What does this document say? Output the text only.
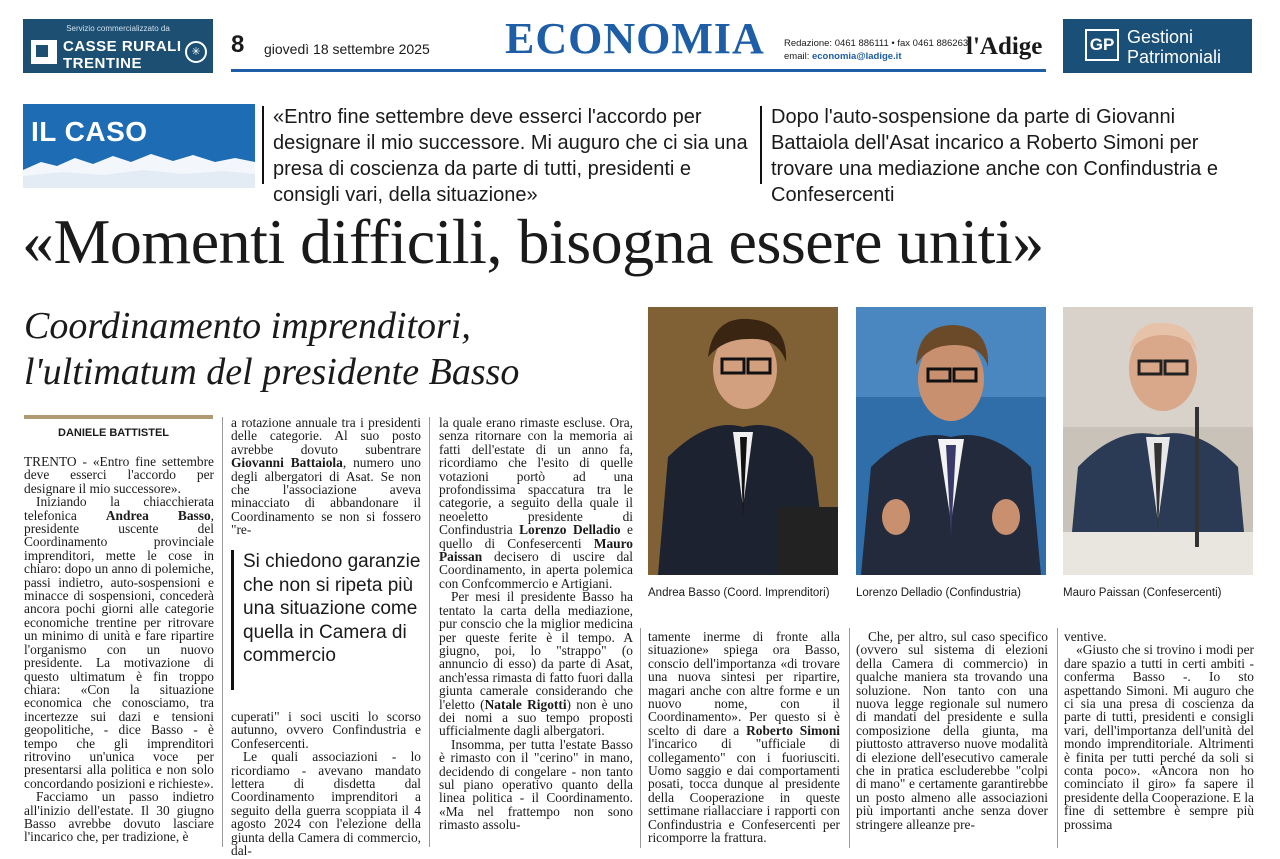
Servizio commercializzato da
CASSE RURALI
TRENTINE
✳ 8 giovedì 18 settembre 2025 ECONOMIA Redazione: 0461 886111 • fax 0461 886263
email: economia@ladige.it	l'Adige	GP Gestioni
Patrimoniali
IL CASO	«Entro fine settembre deve esserci l'accordo per designare il mio successore. Mi auguro che ci sia una presa di coscienza da parte di tutti, presidenti e consigli vari, della situazione»
Dopo l'auto-sospensione da parte di Giovanni Battaiola dell'Asat incarico a Roberto Simoni per trovare una mediazione anche con Confindustria e Confesercenti
«Momenti difficili, bisogna essere uniti»
Coordinamento imprenditori,
l'ultimatum del presidente Basso
Andrea Basso (Coord. Imprenditori) Lorenzo Delladio (Confindustria)	Mauro Paissan (Confesercenti)
DANIELE BATTISTEL

TRENTO - «Entro fine settembre deve esserci l'accordo per designare il mio successore».

Iniziando la chiacchierata telefonica Andrea Basso, presidente uscente del Coordinamento provinciale imprenditori, mette le cose in chiaro: dopo un anno di polemiche, passi indietro, auto-sospensioni e minacce di sospensioni, concederà ancora pochi giorni alle categorie economiche trentine per ritrovare un minimo di unità e fare ripartire l'organismo con un nuovo presidente. La motivazione di questo ultimatum è fin troppo chiara: «Con la situazione economica che conosciamo, tra incertezze sui dazi e tensioni geopolitiche, - dice Basso - è tempo che gli imprenditori ritrovino un'unica voce per presentarsi alla politica e non solo concordando posizioni e richieste».

Facciamo un passo indietro all'inizio dell'estate. Il 30 giugno Basso avrebbe dovuto lasciare l'incarico che, per tradizione, è

a rotazione annuale tra i presidenti delle categorie. Al suo posto avrebbe dovuto subentrare Giovanni Battaiola, numero uno degli albergatori di Asat. Se non che l'associazione aveva minacciato di abbandonare il Coordinamento se non si fossero "re-

Si chiedono garanzie che non si ripeta più una situazione come quella in Camera di commercio

cuperati" i soci usciti lo scorso autunno, ovvero Confindustria e Confesercenti.

Le quali associazioni - lo ricordiamo - avevano mandato lettera di disdetta dal Coordinamento imprenditori a seguito della guerra scoppiata il 4 agosto 2024 con l'elezione della giunta della Camera di commercio, dal-

la quale erano rimaste escluse. Ora, senza ritornare con la memoria ai fatti dell'estate di un anno fa, ricordiamo che l'esito di quelle votazioni portò ad una profondissima spaccatura tra le categorie, a seguito della quale il neoeletto presidente di Confindustria Lorenzo Delladio e quello di Confesercenti Mauro Paissan decisero di uscire dal Coordinamento, in aperta polemica con Confcommercio e Artigiani.

Per mesi il presidente Basso ha tentato la carta della mediazione, pur conscio che la miglior medicina per queste ferite è il tempo. A giugno, poi, lo "strappo" (o annuncio di esso) da parte di Asat, anch'essa rimasta di fatto fuori dalla giunta camerale considerando che l'eletto (Natale Rigotti) non è uno dei nomi a suo tempo proposti ufficialmente dagli albergatori.

Insomma, per tutta l'estate Basso è rimasto con il "cerino" in mano, decidendo di congelare - non tanto sul piano operativo quanto della linea politica - il Coordinamento. «Ma nel frattempo non sono rimasto assolu-

tamente inerme di fronte alla situazione» spiega ora Basso, conscio dell'importanza «di trovare una nuova sintesi per ripartire, magari anche con altre forme e un nuovo nome, con il Coordinamento». Per questo si è scelto di dare a Roberto Simoni l'incarico di "ufficiale di collegamento" con i fuoriusciti. Uomo saggio e dai comportamenti posati, tocca dunque al presidente della Cooperazione in queste settimane riallacciare i rapporti con Confindustria e Confesercenti per ricomporre la frattura.

Che, per altro, sul caso specifico (ovvero sul sistema di elezioni della Camera di commercio) in qualche maniera sta trovando una soluzione. Non tanto con una nuova legge regionale sul numero di mandati del presidente e sulla composizione della giunta, ma piuttosto attraverso nuove modalità di elezione dell'esecutivo camerale che in pratica escluderebbe "colpi di mano" e certamente garantirebbe un posto almeno alle associazioni più importanti anche senza dover stringere alleanze pre-

ventive.

«Giusto che si trovino i modi per dare spazio a tutti in certi ambiti - conferma Basso -. Io sto aspettando Simoni. Mi auguro che ci sia una presa di coscienza da parte di tutti, presidenti e consigli vari, dell'importanza dell'unità del mondo imprenditoriale. Altrimenti è finita per tutti perché da soli si conta poco». «Ancora non ho cominciato il giro» fa sapere il presidente della Cooperazione. E la fine di settembre è sempre più prossima
